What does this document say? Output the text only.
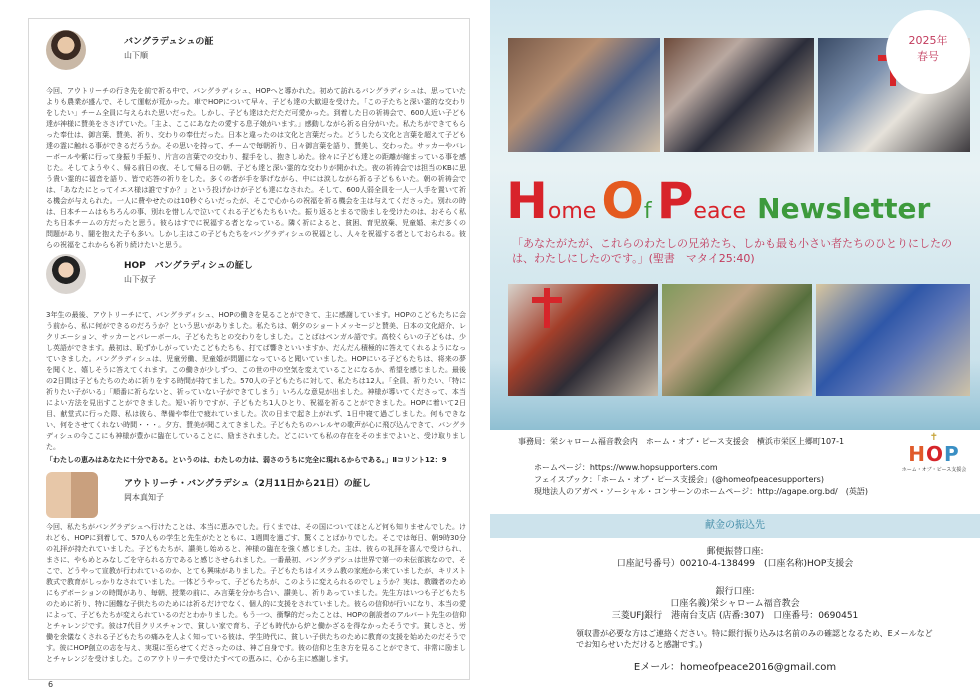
バングラデュシュの証
山下順
今回、アウトリーチの行き先を前で祈る中で、バングラディシュ、HOPへと導かれた。初めて訪れるバングラディシュは、思っていたよりも農業が盛んで、そして運転が荒かった。車でHOPについて早々、子ども達の大歓迎を受けた。「この子たちと深い霊的な交わりをしたい」チーム全員に与えられた思いだった。しかし、子ども達はただただ可愛かった。到着した日の祈祷会で、600人近い子ども達が神様に賛美をささげていた。「主よ、ここにあなたの愛する息子娘がいます。」感動しながら祈る自分がいた。私たちができてもらった奉仕は、御言葉、賛美、祈り、交わりの奉仕だった。日本と違ったのは文化と言葉だった。どうしたら文化と言葉を超えて子ども達の霊に触れる事ができるだろうか。その思いを持って、チームで毎朝祈り、日々御言葉を語り、賛美し、交わった。サッカーやバレーボールや紫に行って身振り手振り、片言の言葉での交わり、握手をし、抱きしめた。徐々に子ども達との距離が縮まっている事を感じた。そしてようやく、帰る前日の夜、そして帰る日の朝、子ども達と深い霊的な交わりが開かれた。夜の祈祷会では担当のKBに思う貴い霊的に福音を語り、皆で応答の祈りをした。多くの者が手を挙げながら、中には涙しながら祈る子どももいた。朝の祈祷会では、「あなたにとってイエス様は誰ですか？」という投げかけが子ども達になされた。そして、600人弱全員を一人一人手を置いて祈る機会が与えられた。一人に費やせたのは10秒ぐらいだったが、そこで心からの祝福を祈る機会を主は与えてくださった。別れの時は、日本チームはもちろんの事、別れを惜しんで泣いてくれる子どもたちもいた。振り返るとまるで励ましを受けたのは、おそらく私たち日本チームの方だったと思う。彼らはすでに祝福する者となっている。隣く祈によると、貧困、育児放棄、児童婚、未だ多くの問題があり、闇を抱えた子も多い。しかし主はこの子どもたちをバングラディシュの祝福とし、人々を祝福する者としておられる。彼らの祝福をこれからも祈り続けたいと思う。
HOP　バングラディシュの証し
山下叔子
3年生の最後、アウトリーチにて、バングラディシュ、HOPの働きを見ることができて、主に感謝しています。HOPのこどもたちに会う前から、私に何ができるのだろうか？という思いがありました。私たちは、朝夕のショートメッセージと賛美、日本の文化紹介、レクリエーション、サッカーとバレーボール、子どもたちとの交わりをしました。ことばはベンガル語です。高校くらいの子どもは、少し英語ができます。最初は、恥ずかしがっていたこどもたちも、打てば響きといいますか、だんだん積極的に答えてくれるようになっていきました。バングラディシュは、児童労働、児童婚が問題になっていると聞いていました。HOPにいる子どもたちは、将来の夢を聞くと、嬉しそうに答えてくれます。この働きが少しずつ、この世の中の空気を変えていることになるか、希望を感じました。最後の2日間は子どもたちのために祈りをする時間が持てました。570人の子どもたちに対して、私たちは12人。「全員、祈りたい、「特に祈りたい子がいる」「順番に祈らないと、祈っていない子ができてしまう」いろんな意見が出ました。神様が導いてくださって、本当によい方法を見出すことができました。短い祈りですが、子どもたち1人ひとり、祝福を祈ることができました。HOPに着いて2日目、献堂式に行った際、私は彼ら、準備や奉仕で疲れていました。次の日まで起き上がれず、1日中寝て過ごしました。何もできない、何をさせてくれない時間・・・。夕方、賛美が聞こえてきました。子どもたちのハレルヤの歌声が心に飛び込んできて、バングラディシュの今ここにも神様が豊かに臨在していることに、励まされました。どこにいても私の存在をそのままでよいと、受け取りました。
「わたしの恵みはあなたに十分である。というのは、わたしの力は、弱さのうちに完全に現れるからである。」Ⅱコリント12：9
アウトリーチ・バングラデシュ（2月11日から21日）の証し
岡本真知子
今回、私たちがバングラデシュへ行けたことは、本当に恵みでした。行くまでは、その国についてほとんど何も知りませんでした。けれども、HOPに到着して、570人もの学生と先生がたとともに、1週間を過ごす、驚くことばかりでした。そこでは毎日、朝9時30分の礼拝が持たれていました。子どもたちが、讃美し始めると、神様の臨在を強く感じました。主は、彼らの礼拝を喜んで受けられ、まさに、やもめとみなしごを守られる方であると感じさせられました。一番最初、バングラデシュは世界で第一の未伝部族なので、そこで、どうやって宣教が行われているのか、とても興味がありました。子どもたちはイスラム教の家庭から来ていましたが、キリスト教式で教育がしっかりなされていました。一体どうやって、子どもたちが、このように変えられるのでしょうか？実は、教職者のためにもデボーションの時間があり、毎朝、授業の前に、み言葉を分かち合い、讃美し、祈りあっていました。先生方はいつも子どもたちのために祈り、特に困難な子供たちのためには祈るだけでなく、個人的に支援をされていました。彼らの信仰が行いになり、本当の愛によって、子どもたちが変えられているのだとわかりました。もう一つ、衝撃的だったことは、HOPの創設者のアルバート先生の信仰とチャレンジです。彼は7代目クリスチャンで、貧しい家で育ち、子ども時代から炉と働かざるを得なかったそうです。貧しさと、労働を余儀なくされる子どもたちの痛みを人よく知っている彼は、学生時代に、貧しい子供たちのために教育の支援を始めたのだそうです。彼にHOP創立の志を与え、実現に至らせてくださったのは、神ご自身です。彼の信仰と生き方を見ることができて、非常に励ましとチャレンジを受けました。このアウトリーチで受けたすべての恵みに、心から主に感謝します。
6
2025年
春号
Home Of Peace Newsletter
「あなたがたが、これらのわたしの兄弟たち、しかも最も小さい者たちのひとりにしたのは、わたしにしたのです。」(聖書　マタイ25:40)
事務局：栄シャローム福音教会内　ホーム・オブ・ピース支援会　横浜市栄区上郷町107-1	✝
HOP
ホーム・オブ・ピース支援会
ホームページ：https://www.hopsupporters.com
フェイスブック：「ホーム・オブ・ピース支援会」(@homeofpeacesupporters)
現地法人のアガペ・ソーシャル・コンサーンのホームページ：http://agape.org.bd/　(英語)
献金の振込先
郵便振替口座:
口座記号番号）00210-4-138499　(口座名称)HOP支援会
銀行口座:
口座名義)栄シャローム福音教会
三菱UFJ銀行　港南台支店 (店番:307)　口座番号：0690451
領収書が必要な方はご連絡ください。特に銀行振り込みは名前のみの確認となるため、Eメールなどでお知らせいただけると感謝です。)
Eメール：homeofpeace2016@gmail.com
